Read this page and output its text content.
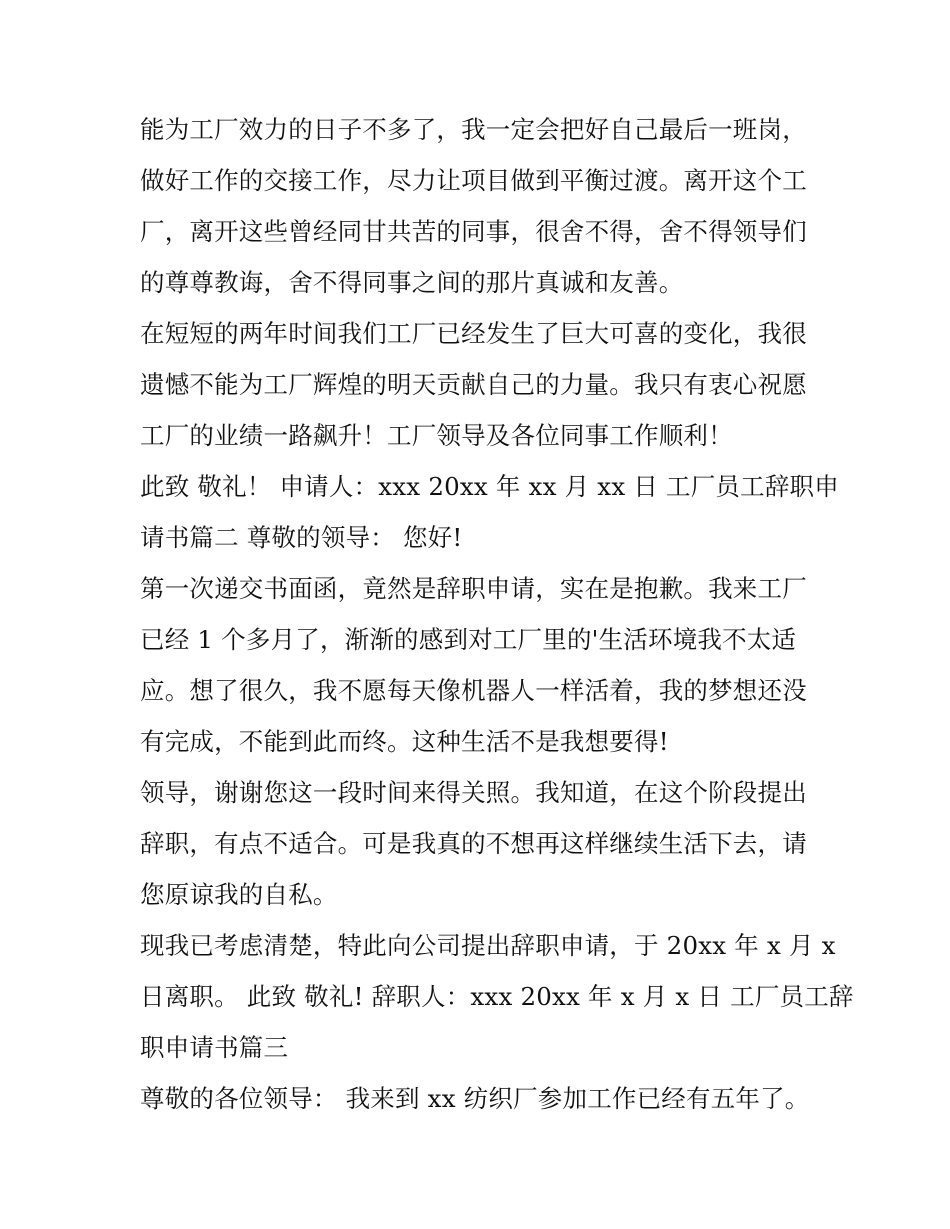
能为工厂效力的日子不多了，我一定会把好自己最后一班岗，
做好工作的交接工作，尽力让项目做到平衡过渡。离开这个工
厂，离开这些曾经同甘共苦的同事，很舍不得，舍不得领导们
的尊尊教诲，舍不得同事之间的那片真诚和友善。
在短短的两年时间我们工厂已经发生了巨大可喜的变化，我很
遗憾不能为工厂辉煌的明天贡献自己的力量。我只有衷心祝愿
工厂的业绩一路飙升！工厂领导及各位同事工作顺利！
此致 敬礼！ 申请人：xxx 20xx 年 xx 月 xx 日 工厂员工辞职申
请书篇二 尊敬的领导： 您好!
第一次递交书面函，竟然是辞职申请，实在是抱歉。我来工厂
已经 1 个多月了，渐渐的感到对工厂里的'生活环境我不太适
应。想了很久，我不愿每天像机器人一样活着，我的梦想还没
有完成，不能到此而终。这种生活不是我想要得!
领导，谢谢您这一段时间来得关照。我知道，在这个阶段提出
辞职，有点不适合。可是我真的不想再这样继续生活下去，请
您原谅我的自私。
现我已考虑清楚，特此向公司提出辞职申请，于 20xx 年 x 月 x
日离职。 此致 敬礼! 辞职人：xxx 20xx 年 x 月 x 日 工厂员工辞
职申请书篇三
尊敬的各位领导： 我来到 xx 纺织厂参加工作已经有五年了。
